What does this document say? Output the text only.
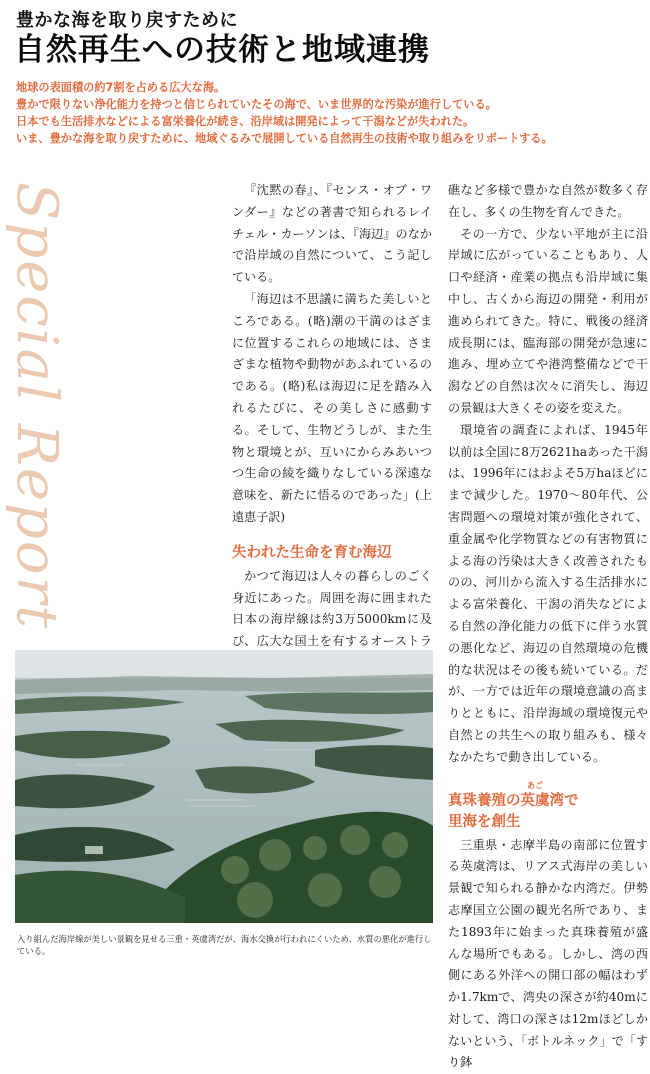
豊かな海を取り戻すために
自然再生への技術と地域連携

地球の表面積の約7割を占める広大な海。

豊かで限りない浄化能力を持つと信じられていたその海で、いま世界的な汚染が進行している。

日本でも生活排水などによる富栄養化が続き、沿岸域は開発によって干潟などが失われた。

いま、豊かな海を取り戻すために、地域ぐるみで展開している自然再生の技術や取り組みをリポートする。

Special Report	『沈黙の春』、『センス・オブ・ワンダー』などの著書で知られるレイチェル・カーソンは、『海辺』のなかで沿岸域の自然について、こう記している。

「海辺は不思議に満ちた美しいところである。(略)潮の干満のはざまに位置するこれらの地域には、さまざまな植物や動物があふれているのである。(略)私は海辺に足を踏み入れるたびに、その美しさに感動する。そして、生物どうしが、また生物と環境とが、互いにからみあいつつ生命の綾を織りなしている深遠な意味を、新たに悟るのであった」(上遠恵子訳)

失われた生命を育む海辺

かつて海辺は人々の暮らしのごく身近にあった。周囲を海に囲まれた日本の海岸線は約3万5000kmに及び、広大な国土を有するオーストラ

礁など多様で豊かな自然が数多く存在し、多くの生物を育んできた。

その一方で、少ない平地が主に沿岸域に広がっていることもあり、人口や経済・産業の拠点も沿岸域に集中し、古くから海辺の開発・利用が進められてきた。特に、戦後の経済成長期には、臨海部の開発が急速に進み、埋め立てや港湾整備などで干潟などの自然は次々に消失し、海辺の景観は大きくその姿を変えた。

環境省の調査によれば、1945年以前は全国に8万2621haあった干潟は、1996年にはおよそ5万haほどにまで減少した。1970～80年代、公害問題への環境対策が強化されて、重金属や化学物質などの有害物質による海の汚染は大きく改善されたものの、河川から流入する生活排水による富栄養化、干潟の消失などによる自然の浄化能力の低下に伴う水質の悪化など、海辺の自然環境の危機的な状況はその後も続いている。だが、一方では近年の環境意識の高まりとともに、沿岸海域の環境復元や自然との共生への取り組みも、様々なかたちで動き出している。

真珠養殖の
あご
英虞湾で
里海を創生

三重県・志摩半島の南部に位置する英虞湾は、リアス式海岸の美しい景観で知られる静かな内湾だ。伊勢志摩国立公園の観光名所であり、また1893年に始まった真珠養殖が盛んな場所でもある。しかし、湾の西側にある外洋への開口部の幅はわずか1.7kmで、湾央の深さが約40mに対して、湾口の深さは12mほどしかないという、「ボトルネック」で「すり鉢

入り組んだ海岸線が美しい景観を見せる三重・英虞湾だが、海水交換が行われにくいため、水質の悪化が進行している。
